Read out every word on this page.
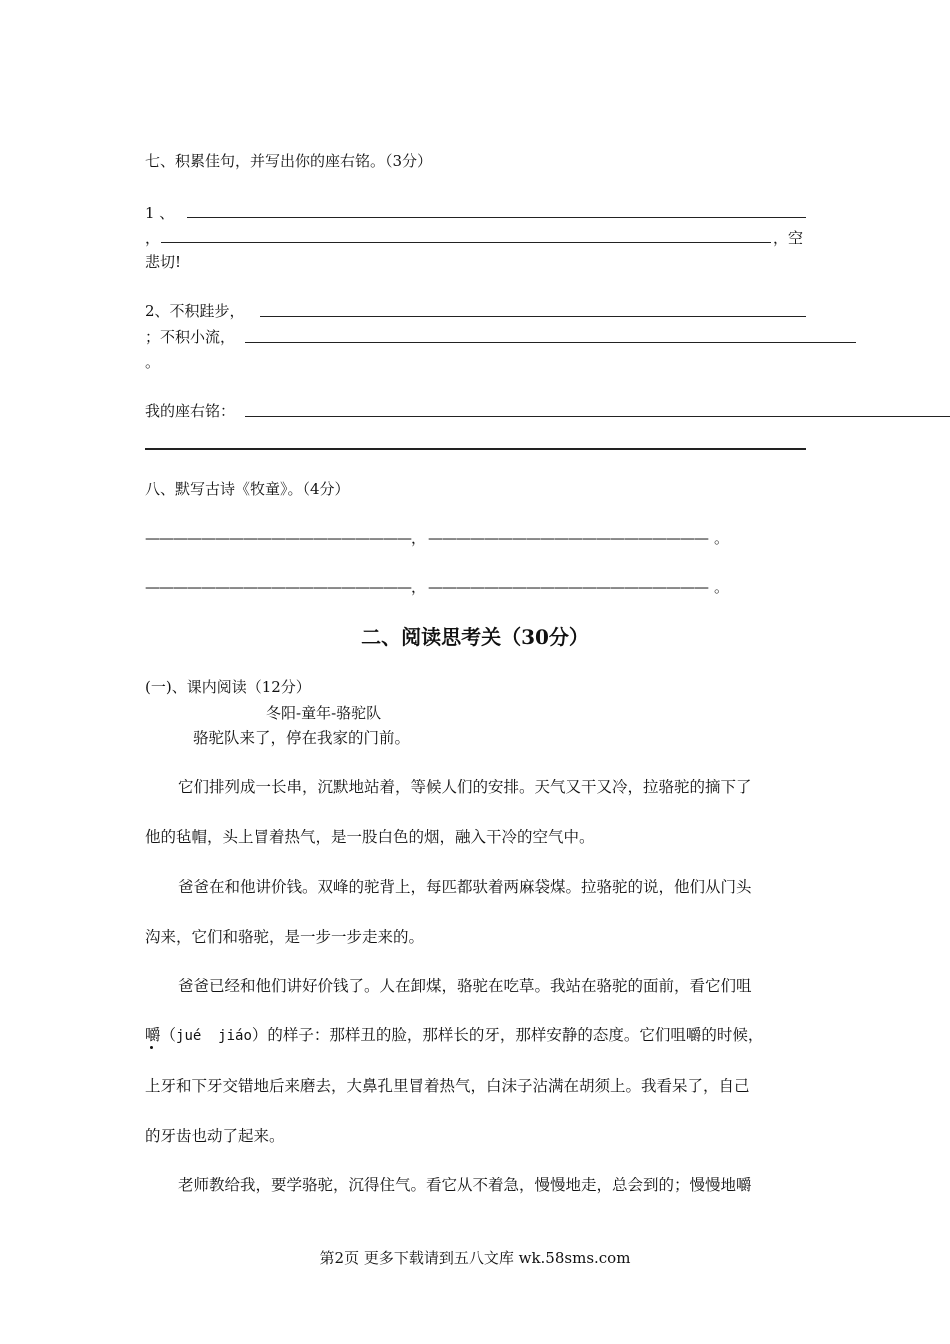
七、积累佳句，并写出你的座右铭。（3分）
1 、
，	，空
悲切!
2、不积跬步，
；不积小流，
。
我的座右铭：
八、默写古诗《牧童》。（4分）
——————————————————— ， ———————————————————— 。
——————————————————— ， ———————————————————— 。
二、阅读思考关（30分）
(一)、课内阅读（12分）
冬阳-童年-骆驼队
骆驼队来了，停在我家的门前。
它们排列成一长串，沉默地站着，等候人们的安排。天气又干又冷，拉骆驼的摘下了
他的毡帽，头上冒着热气，是一股白色的烟，融入干冷的空气中。
爸爸在和他讲价钱。双峰的驼背上，每匹都驮着两麻袋煤。拉骆驼的说，他们从门头
沟来，它们和骆驼，是一步一步走来的。
爸爸已经和他们讲好价钱了。人在卸煤，骆驼在吃草。我站在骆驼的面前，看它们咀
嚼（jué  jiáo）的样子：那样丑的脸，那样长的牙，那样安静的态度。它们咀嚼的时候，
上牙和下牙交错地后来磨去，大鼻孔里冒着热气，白沫子沾满在胡须上。我看呆了，自己
的牙齿也动了起来。
老师教给我，要学骆驼，沉得住气。看它从不着急，慢慢地走，总会到的；慢慢地嚼
第2页 更多下载请到五八文库 wk.58sms.com
